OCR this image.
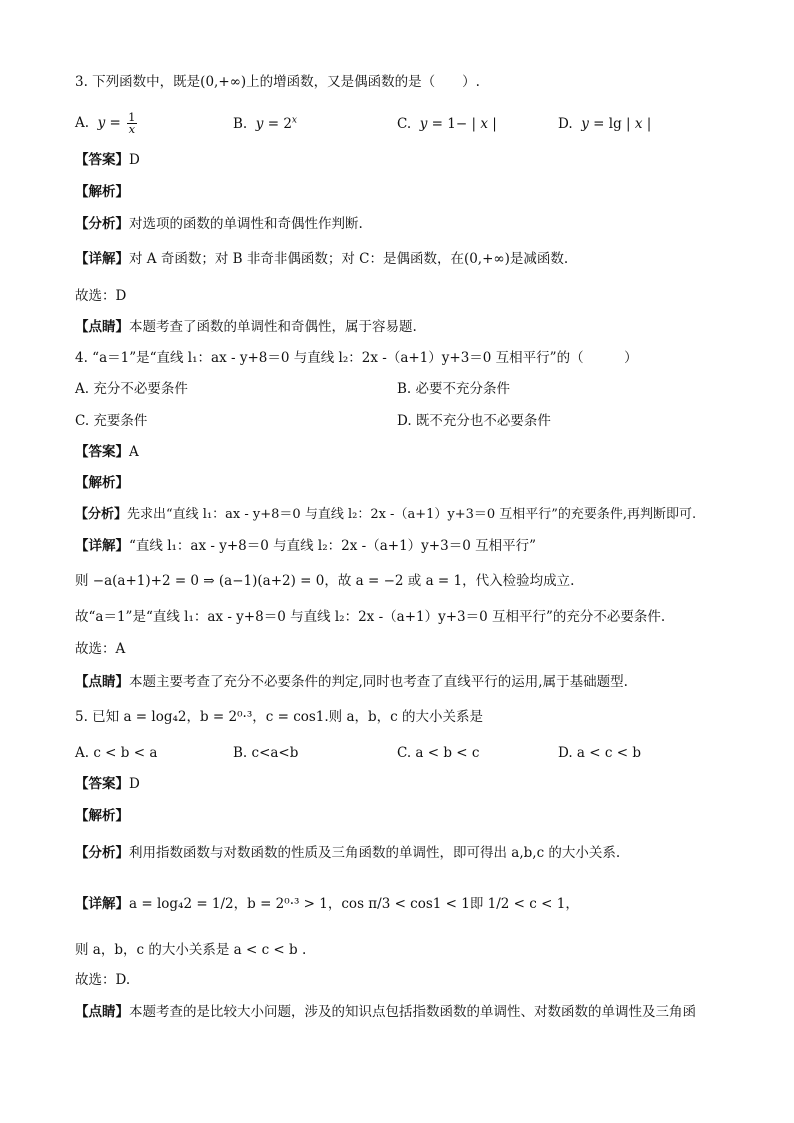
3. 下列函数中，既是(0,+∞)上的增函数，又是偶函数的是（　　）.
A.  $y = \frac{1}{x}$	B.  $y = 2^x$	C.  y = 1− | x |	D.  y = lg | x |
【答案】D
【解析】
【分析】对选项的函数的单调性和奇偶性作判断.
【详解】对 A 奇函数；对 B 非奇非偶函数；对 C：是偶函数，在(0,+∞)是减函数.
故选：D
【点睛】本题考查了函数的单调性和奇偶性，属于容易题.
4. “a＝1”是“直线 l₁：ax - y+8＝0 与直线 l₂：2x -（a+1）y+3＝0 互相平行”的（　　　）
A. 充分不必要条件	B. 必要不充分条件
C. 充要条件	D. 既不充分也不必要条件
【答案】A
【解析】
【分析】先求出“直线 l₁：ax - y+8＝0 与直线 l₂：2x -（a+1）y+3＝0 互相平行”的充要条件,再判断即可.
【详解】“直线 l₁：ax - y+8＝0 与直线 l₂：2x -（a+1）y+3＝0 互相平行”
则 −a(a+1)+2 = 0 ⇒ (a−1)(a+2) = 0，故 a = −2 或 a = 1，代入检验均成立.
故“a＝1”是“直线 l₁：ax - y+8＝0 与直线 l₂：2x -（a+1）y+3＝0 互相平行”的充分不必要条件.
故选：A
【点睛】本题主要考查了充分不必要条件的判定,同时也考查了直线平行的运用,属于基础题型.
5. 已知 a = log₄2，b = 2⁰·³，c = cos1.则 a，b，c 的大小关系是
A. c < b < a	B. c<a<b	C. a < b < c	D. a < c < b
【答案】D
【解析】
【分析】利用指数函数与对数函数的性质及三角函数的单调性，即可得出 a,b,c 的大小关系.
【详解】a = log₄2 = 1/2，b = 2⁰·³ > 1，cos π/3 < cos1 < 1即 1/2 < c < 1，
则 a，b，c 的大小关系是 a < c < b .
故选：D.
【点睛】本题考查的是比较大小问题，涉及的知识点包括指数函数的单调性、对数函数的单调性及三角函
